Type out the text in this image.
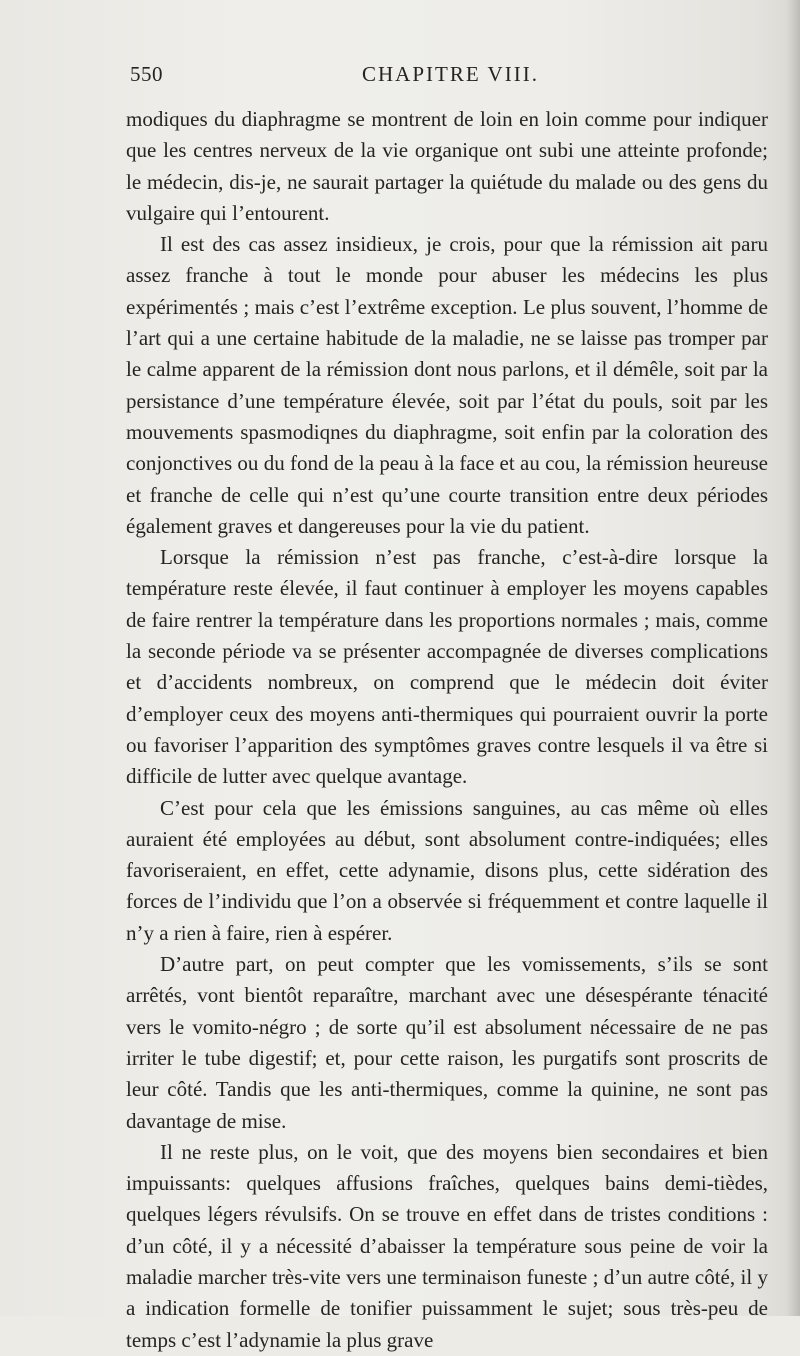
550	CHAPITRE VIII.

modiques du diaphragme se montrent de loin en loin comme pour indiquer que les centres nerveux de la vie organique ont subi une atteinte profonde; le médecin, dis-je, ne saurait partager la quiétude du malade ou des gens du vulgaire qui l’entourent.

Il est des cas assez insidieux, je crois, pour que la rémission ait paru assez franche à tout le monde pour abuser les médecins les plus expérimentés ; mais c’est l’extrême exception. Le plus souvent, l’homme de l’art qui a une certaine habitude de la maladie, ne se laisse pas tromper par le calme apparent de la rémission dont nous parlons, et il démêle, soit par la persistance d’une température élevée, soit par l’état du pouls, soit par les mouvements spasmodiqnes du diaphragme, soit enfin par la coloration des conjonctives ou du fond de la peau à la face et au cou, la rémission heureuse et franche de celle qui n’est qu’une courte transition entre deux périodes également graves et dangereuses pour la vie du patient.

Lorsque la rémission n’est pas franche, c’est-à-dire lorsque la température reste élevée, il faut continuer à employer les moyens capables de faire rentrer la température dans les proportions normales ; mais, comme la seconde période va se présenter accompagnée de diverses complications et d’accidents nombreux, on comprend que le médecin doit éviter d’employer ceux des moyens anti-thermiques qui pourraient ouvrir la porte ou favoriser l’apparition des symptômes graves contre lesquels il va être si difficile de lutter avec quelque avantage.

C’est pour cela que les émissions sanguines, au cas même où elles auraient été employées au début, sont absolument contre-indiquées; elles favoriseraient, en effet, cette adynamie, disons plus, cette sidération des forces de l’individu que l’on a observée si fréquemment et contre laquelle il n’y a rien à faire, rien à espérer.

D’autre part, on peut compter que les vomissements, s’ils se sont arrêtés, vont bientôt reparaître, marchant avec une désespérante ténacité vers le vomito-négro ; de sorte qu’il est absolument nécessaire de ne pas irriter le tube digestif; et, pour cette raison, les purgatifs sont proscrits de leur côté. Tandis que les anti-thermiques, comme la quinine, ne sont pas davantage de mise.

Il ne reste plus, on le voit, que des moyens bien secondaires et bien impuissants: quelques affusions fraîches, quelques bains demi-tièdes, quelques légers révulsifs. On se trouve en effet dans de tristes conditions : d’un côté, il y a nécessité d’abaisser la température sous peine de voir la maladie marcher très-vite vers une terminaison funeste ; d’un autre côté, il y a indication formelle de tonifier puissamment le sujet; sous très-peu de temps c’est l’adynamie la plus grave
